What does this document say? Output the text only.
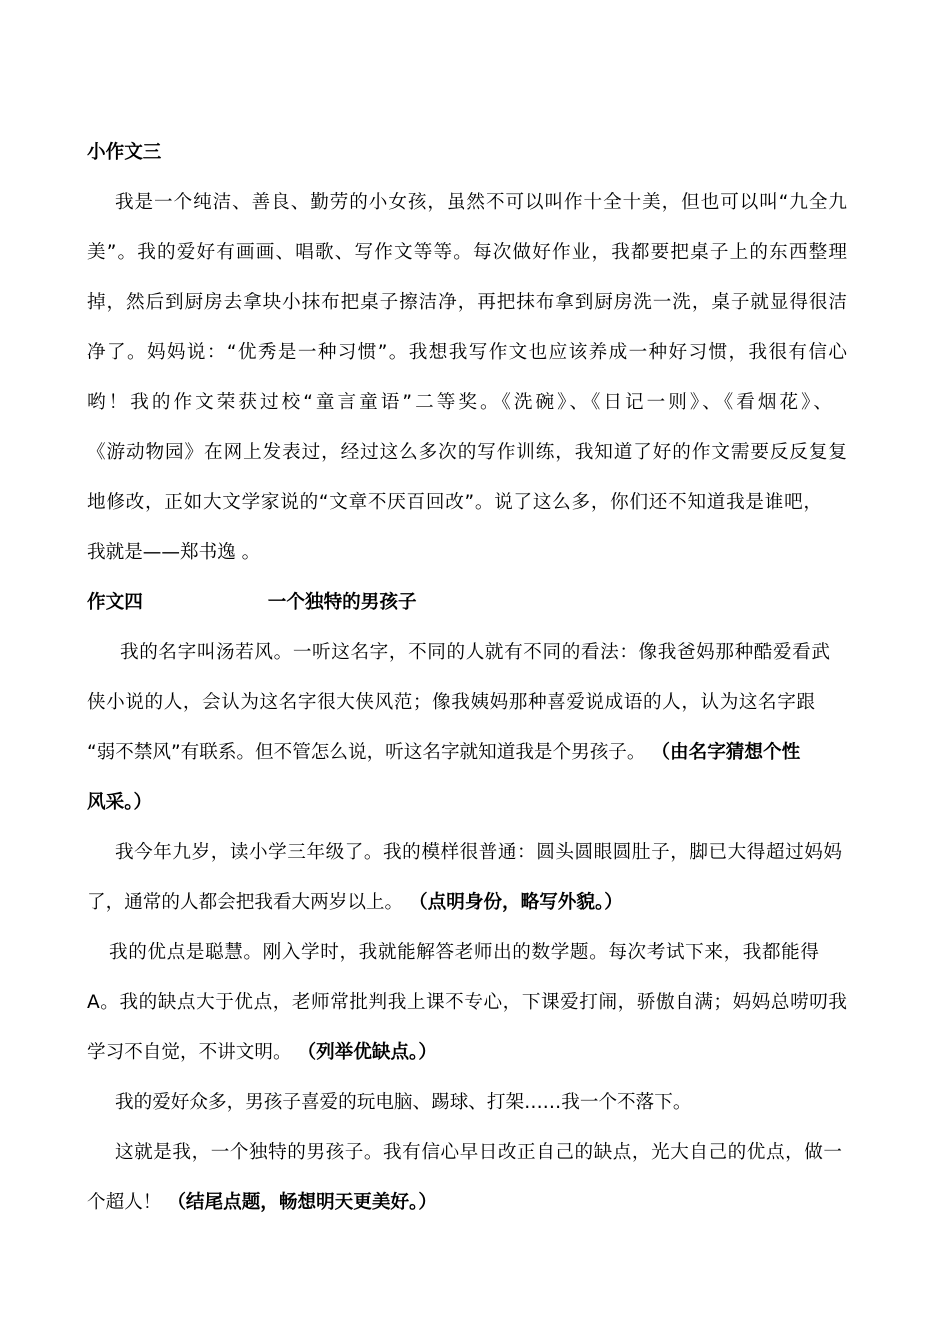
小作文三
我是一个纯洁、善良、勤劳的小女孩，虽然不可以叫作十全十美，但也可以叫“九全九
美”。我的爱好有画画、唱歌、写作文等等。每次做好作业，我都要把桌子上的东西整理
掉，然后到厨房去拿块小抹布把桌子擦洁净，再把抹布拿到厨房洗一洗，桌子就显得很洁
净了。妈妈说：“优秀是一种习惯”。我想我写作文也应该养成一种好习惯，我很有信心
哟！我的作文荣获过校“童言童语”二等奖。《洗碗》、《日记一则》、《看烟花》、
《游动物园》在网上发表过，经过这么多次的写作训练，我知道了好的作文需要反反复复
地修改，正如大文学家说的“文章不厌百回改”。说了这么多，你们还不知道我是谁吧，
我就是——郑书逸 。
作文四	一个独特的男孩子
我的名字叫汤若风。一听这名字，不同的人就有不同的看法：像我爸妈那种酷爱看武
侠小说的人，会认为这名字很大侠风范；像我姨妈那种喜爱说成语的人，认为这名字跟
“弱不禁风”有联系。但不管怎么说，听这名字就知道我是个男孩子。 （由名字猜想个性
风采。）
我今年九岁，读小学三年级了。我的模样很普通：圆头圆眼圆肚子，脚已大得超过妈妈
了，通常的人都会把我看大两岁以上。 （点明身份，略写外貌。）
我的优点是聪慧。刚入学时，我就能解答老师出的数学题。每次考试下来，我都能得
A。我的缺点大于优点，老师常批判我上课不专心，下课爱打闹，骄傲自满；妈妈总唠叨我
学习不自觉，不讲文明。 （列举优缺点。）
我的爱好众多，男孩子喜爱的玩电脑、踢球、打架……我一个不落下。
这就是我，一个独特的男孩子。我有信心早日改正自己的缺点，光大自己的优点，做一
个超人！ （结尾点题，畅想明天更美好。）
